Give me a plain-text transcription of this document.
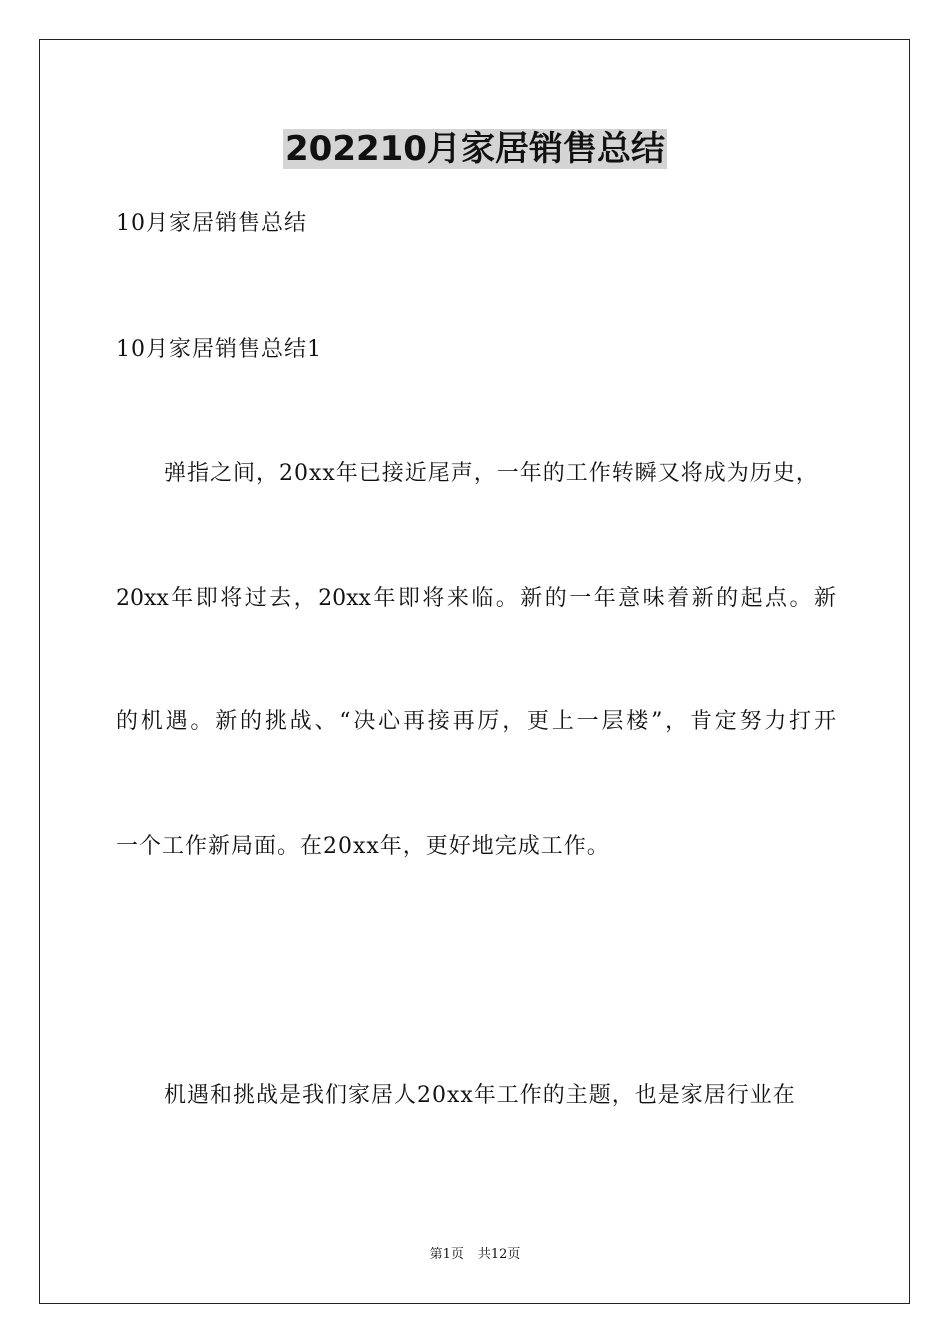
202210月家居销售总结
10月家居销售总结
10月家居销售总结1
弹指之间，20xx年已接近尾声，一年的工作转瞬又将成为历史，
20xx年即将过去，20xx年即将来临。新的一年意味着新的起点。新
的机遇。新的挑战、“决心再接再厉，更上一层楼”，肯定努力打开
一个工作新局面。在20xx年，更好地完成工作。
机遇和挑战是我们家居人20xx年工作的主题，也是家居行业在
第1页 共12页
